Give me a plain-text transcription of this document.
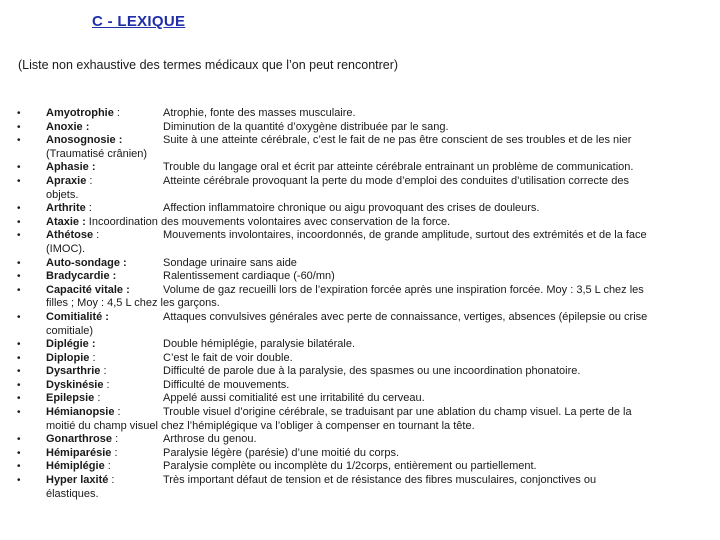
C - LEXIQUE
(Liste non exhaustive des termes médicaux que l’on peut rencontrer)
• Amyotrophie :	Atrophie, fonte des masses musculaire.
• Anoxie :	Diminution de la quantité d’oxygène distribuée par le sang.
• Anosognosie :	Suite à une atteinte cérébrale, c’est le fait de ne pas être conscient de ses troubles et de les nier
(Traumatisé crânien)
• Aphasie :	Trouble du langage oral et écrit par atteinte cérébrale entrainant un problème de communication.
• Apraxie :	Atteinte cérébrale provoquant la perte du mode d’emploi des conduites d’utilisation correcte des
objets.
• Arthrite :	Affection inflammatoire chronique ou aigu provoquant des crises de douleurs.
• Ataxie : Incoordination des mouvements volontaires avec conservation de la force.
• Athétose :	Mouvements involontaires, incoordonnés, de grande amplitude, surtout des extrémités et de la face
(IMOC).
• Auto-sondage :	Sondage urinaire sans aide
• Bradycardie :	Ralentissement cardiaque (-60/mn)
• Capacité vitale :	Volume de gaz recueilli lors de l’expiration forcée après une inspiration forcée. Moy : 3,5 L chez les
filles ; Moy : 4,5 L chez les garçons.
• Comitialité :	Attaques convulsives générales avec perte de connaissance, vertiges, absences (épilepsie ou crise
comitiale)
• Diplégie :	Double hémiplégie, paralysie bilatérale.
• Diplopie :	C’est le fait de voir double.
• Dysarthrie :	Difficulté de parole due à la paralysie, des spasmes ou une incoordination phonatoire.
• Dyskinésie :	Difficulté de mouvements.
• Epilepsie :	Appelé aussi comitialité est une irritabilité du cerveau.
• Hémianopsie :	Trouble visuel d’origine cérébrale, se traduisant par une ablation du champ visuel. La perte de la
moitié du champ visuel chez l’hémiplégique va l’obliger à compenser en tournant la tête.
• Gonarthrose :	Arthrose du genou.
• Hémiparésie :	Paralysie légère (parésie) d’une moitié du corps.
• Hémiplégie :	Paralysie complète ou incomplète du 1/2corps, entièrement ou partiellement.
• Hyper laxité :	Très important défaut de tension et de résistance des fibres musculaires, conjonctives ou
élastiques.
